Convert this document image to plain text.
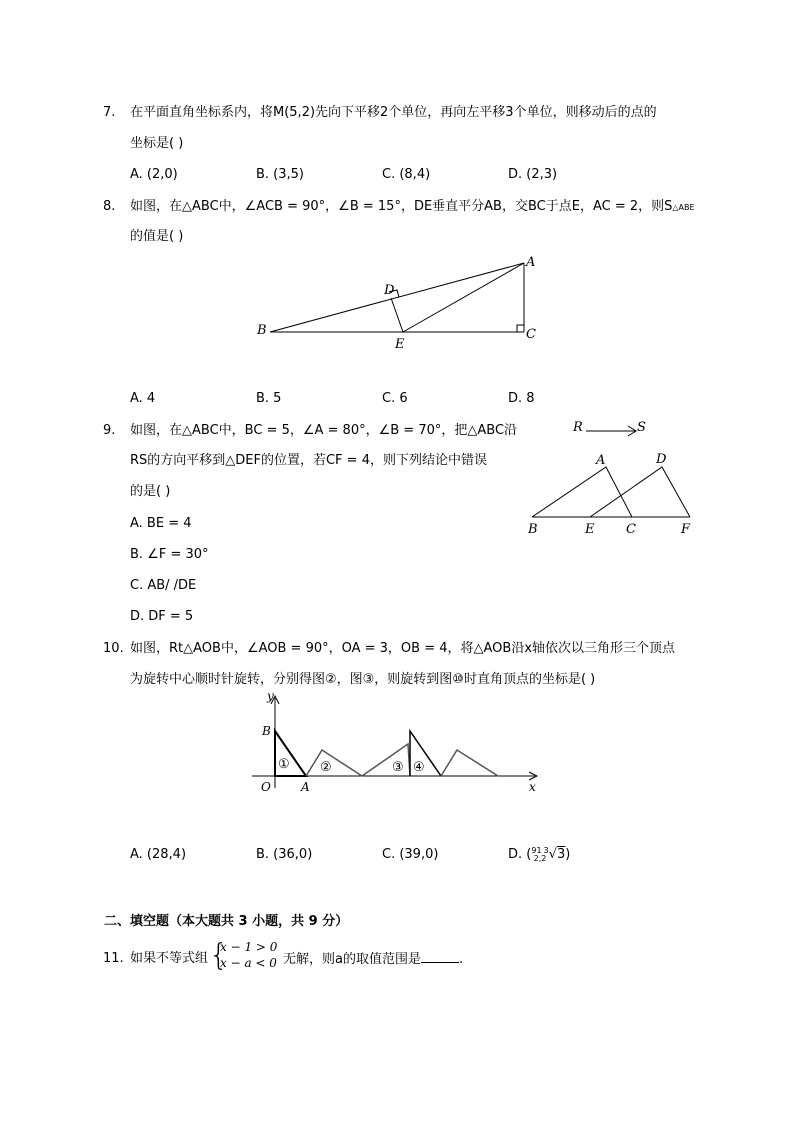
7. 在平面直角坐标系内，将M(5,2)先向下平移2个单位，再向左平移3个单位，则移动后的点的
坐标是( )
A. (2,0)	B. (3,5)	C. (8,4)	D. (2,3)
8. 如图，在△ABC中，∠ACB = 90°，∠B = 15°，DE垂直平分AB，交BC于点E，AC = 2，则S△ABE
的值是( )
A
B	C
D
E
A. 4	B. 5	C. 6	D. 8
9. 如图，在△ABC中，BC = 5，∠A = 80°，∠B = 70°，把△ABC沿
RS的方向平移到△DEF的位置，若CF = 4，则下列结论中错误
的是( )
A. BE = 4
B. ∠F = 30°
C. AB/ /DE
D. DF = 5
R	S
A
B	C
D
E	F
10. 如图，Rt△AOB中，∠AOB = 90°，OA = 3，OB = 4，将△AOB沿x轴依次以三角形三个顶点
为旋转中心顺时针旋转，分别得图②，图③，则旋转到图⑩时直角顶点的坐标是( )
y
x
B
O	A
① ②	③ ④
A. (28,4)	B. (36,0)	C. (39,0)	D. (91 3
2,2 √3)
二、填空题（本大题共 3 小题，共 9 分）
11. 如果不等式组 {
x − 1 > 0
x − a < 0 无解，则a的取值范围是	.
